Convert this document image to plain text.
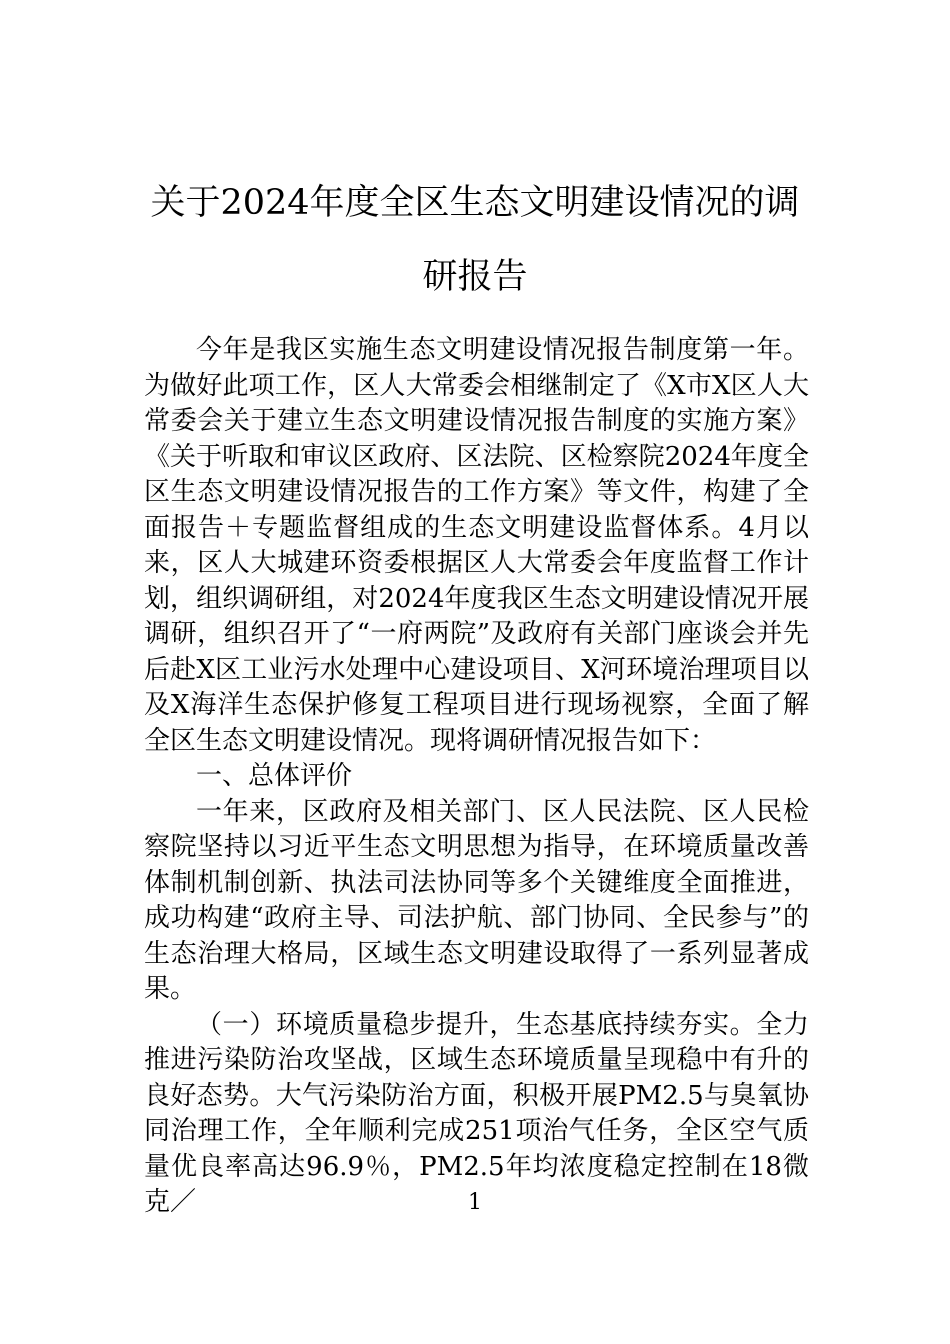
关于2024年度全区生态文明建设情况的调研报告

今年是我区实施生态文明建设情况报告制度第一年。为做好此项工作，区人大常委会相继制定了《X市X区人大常委会关于建立生态文明建设情况报告制度的实施方案》《关于听取和审议区政府、区法院、区检察院2024年度全区生态文明建设情况报告的工作方案》等文件，构建了全面报告＋专题监督组成的生态文明建设监督体系。4月以来，区人大城建环资委根据区人大常委会年度监督工作计划，组织调研组，对2024年度我区生态文明建设情况开展调研，组织召开了“一府两院”及政府有关部门座谈会并先后赴X区工业污水处理中心建设项目、X河环境治理项目以及X海洋生态保护修复工程项目进行现场视察，全面了解全区生态文明建设情况。现将调研情况报告如下：

一、总体评价

一年来，区政府及相关部门、区人民法院、区人民检察院坚持以习近平生态文明思想为指导，在环境质量改善体制机制创新、执法司法协同等多个关键维度全面推进，成功构建“政府主导、司法护航、部门协同、全民参与”的生态治理大格局，区域生态文明建设取得了一系列显著成果。

（一）环境质量稳步提升，生态基底持续夯实。全力推进污染防治攻坚战，区域生态环境质量呈现稳中有升的良好态势。大气污染防治方面，积极开展PM2.5与臭氧协同治理工作，全年顺利完成251项治气任务，全区空气质量优良率高达96.9％，PM2.5年均浓度稳定控制在18微克／	1
